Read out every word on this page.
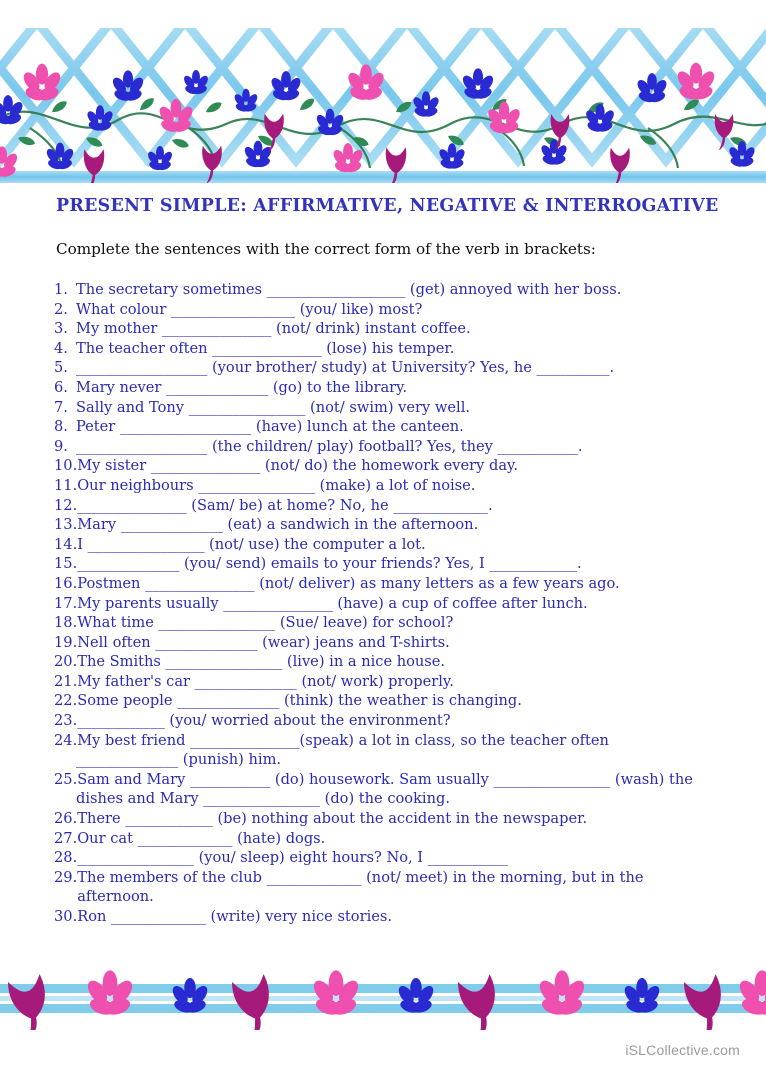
PRESENT SIMPLE: AFFIRMATIVE, NEGATIVE & INTERROGATIVE

Complete the sentences with the correct form of the verb in brackets:

1. The secretary sometimes ___________________ (get) annoyed with her boss.
2. What colour _________________ (you/ like) most?
3. My mother _______________ (not/ drink) instant coffee.
4. The teacher often _______________ (lose) his temper.
5. __________________ (your brother/ study) at University? Yes, he __________.
6. Mary never ______________ (go) to the library.
7. Sally and Tony ________________ (not/ swim) very well.
8. Peter __________________ (have) lunch at the canteen.
9. __________________ (the children/ play) football? Yes, they ___________.
10. My sister _______________ (not/ do) the homework every day.
11. Our neighbours ________________ (make) a lot of noise.
12. _______________ (Sam/ be) at home? No, he _____________.
13. Mary ______________ (eat) a sandwich in the afternoon.
14. I ________________ (not/ use) the computer a lot.
15. ______________ (you/ send) emails to your friends? Yes, I ____________.
16. Postmen _______________ (not/ deliver) as many letters as a few years ago.
17. My parents usually _______________ (have) a cup of coffee after lunch.
18. What time ________________ (Sue/ leave) for school?
19. Nell often ______________ (wear) jeans and T-shirts.
20. The Smiths ________________ (live) in a nice house.
21. My father's car ______________ (not/ work) properly.
22. Some people ______________ (think) the weather is changing.
23. ____________ (you/ worried about the environment?
24. My best friend _______________(speak) a lot in class, so the teacher often
______________ (punish) him.
25. Sam and Mary ___________ (do) housework. Sam usually ________________ (wash) the
dishes and Mary ________________ (do) the cooking.
26. There ____________ (be) nothing about the accident in the newspaper.
27. Our cat _____________ (hate) dogs.
28. ________________ (you/ sleep) eight hours? No, I ___________
29. The members of the club _____________ (not/ meet) in the morning, but in the afternoon.
30. Ron _____________ (write) very nice stories.
iSLCollective.com
